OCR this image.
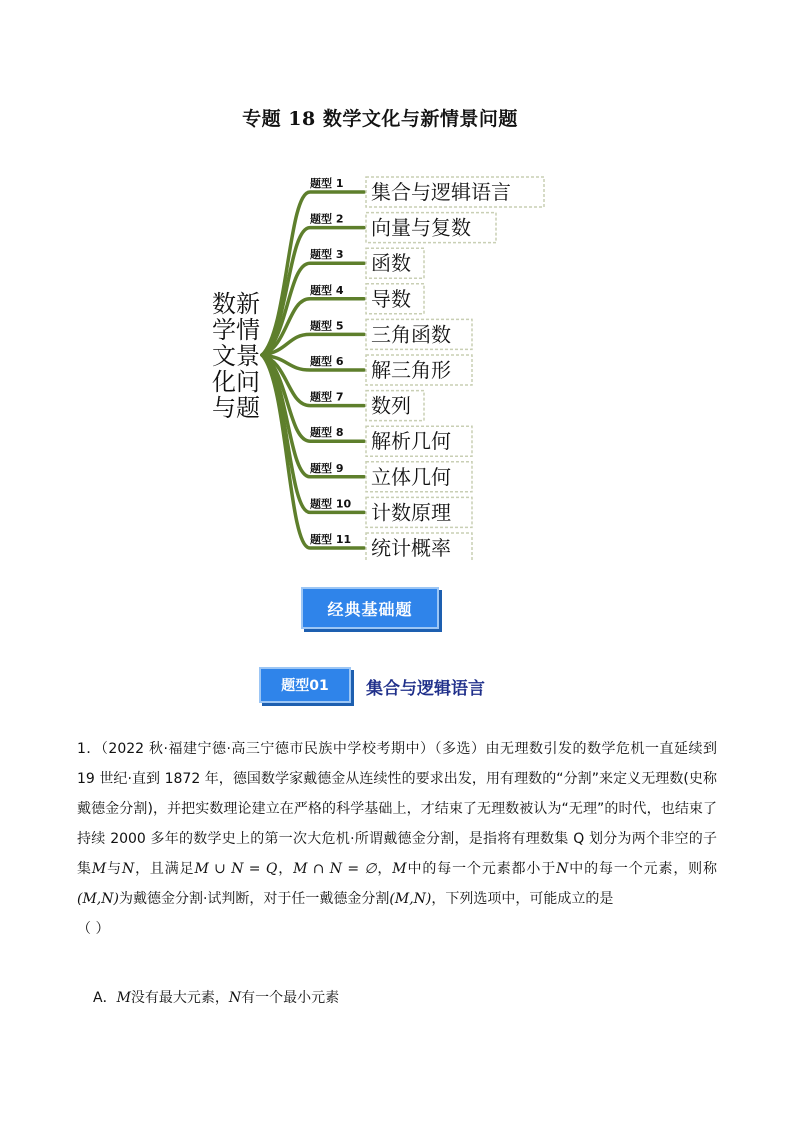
专题 18 数学文化与新情景问题
数新
学情
文景
化问
与题
题型 1 集合与逻辑语言
题型 2 向量与复数
题型 3 函数
题型 4 导数
题型 5 三角函数
题型 6 解三角形
题型 7 数列
题型 8 解析几何
题型 9 立体几何
题型 10 计数原理
题型 11 统计概率
经典基础题
题型01	集合与逻辑语言
1．（2022 秋·福建宁德·高三宁德市民族中学校考期中）（多选）由无理数引发的数学危机一直延续到 19 世纪·直到 1872 年，德国数学家戴德金从连续性的要求出发，用有理数的“分割”来定义无理数(史称戴德金分割)，并把实数理论建立在严格的科学基础上，才结束了无理数被认为“无理”的时代，也结束了持续 2000 多年的数学史上的第一次大危机·所谓戴德金分割，是指将有理数集 Q 划分为两个非空的子集M与N，且满足M ∪ N = Q，M ∩ N = ∅，M中的每一个元素都小于N中的每一个元素，则称(M,N)为戴德金分割·试判断，对于任一戴德金分割(M,N)，下列选项中，可能成立的是
（ ）
A．M没有最大元素，N有一个最小元素
